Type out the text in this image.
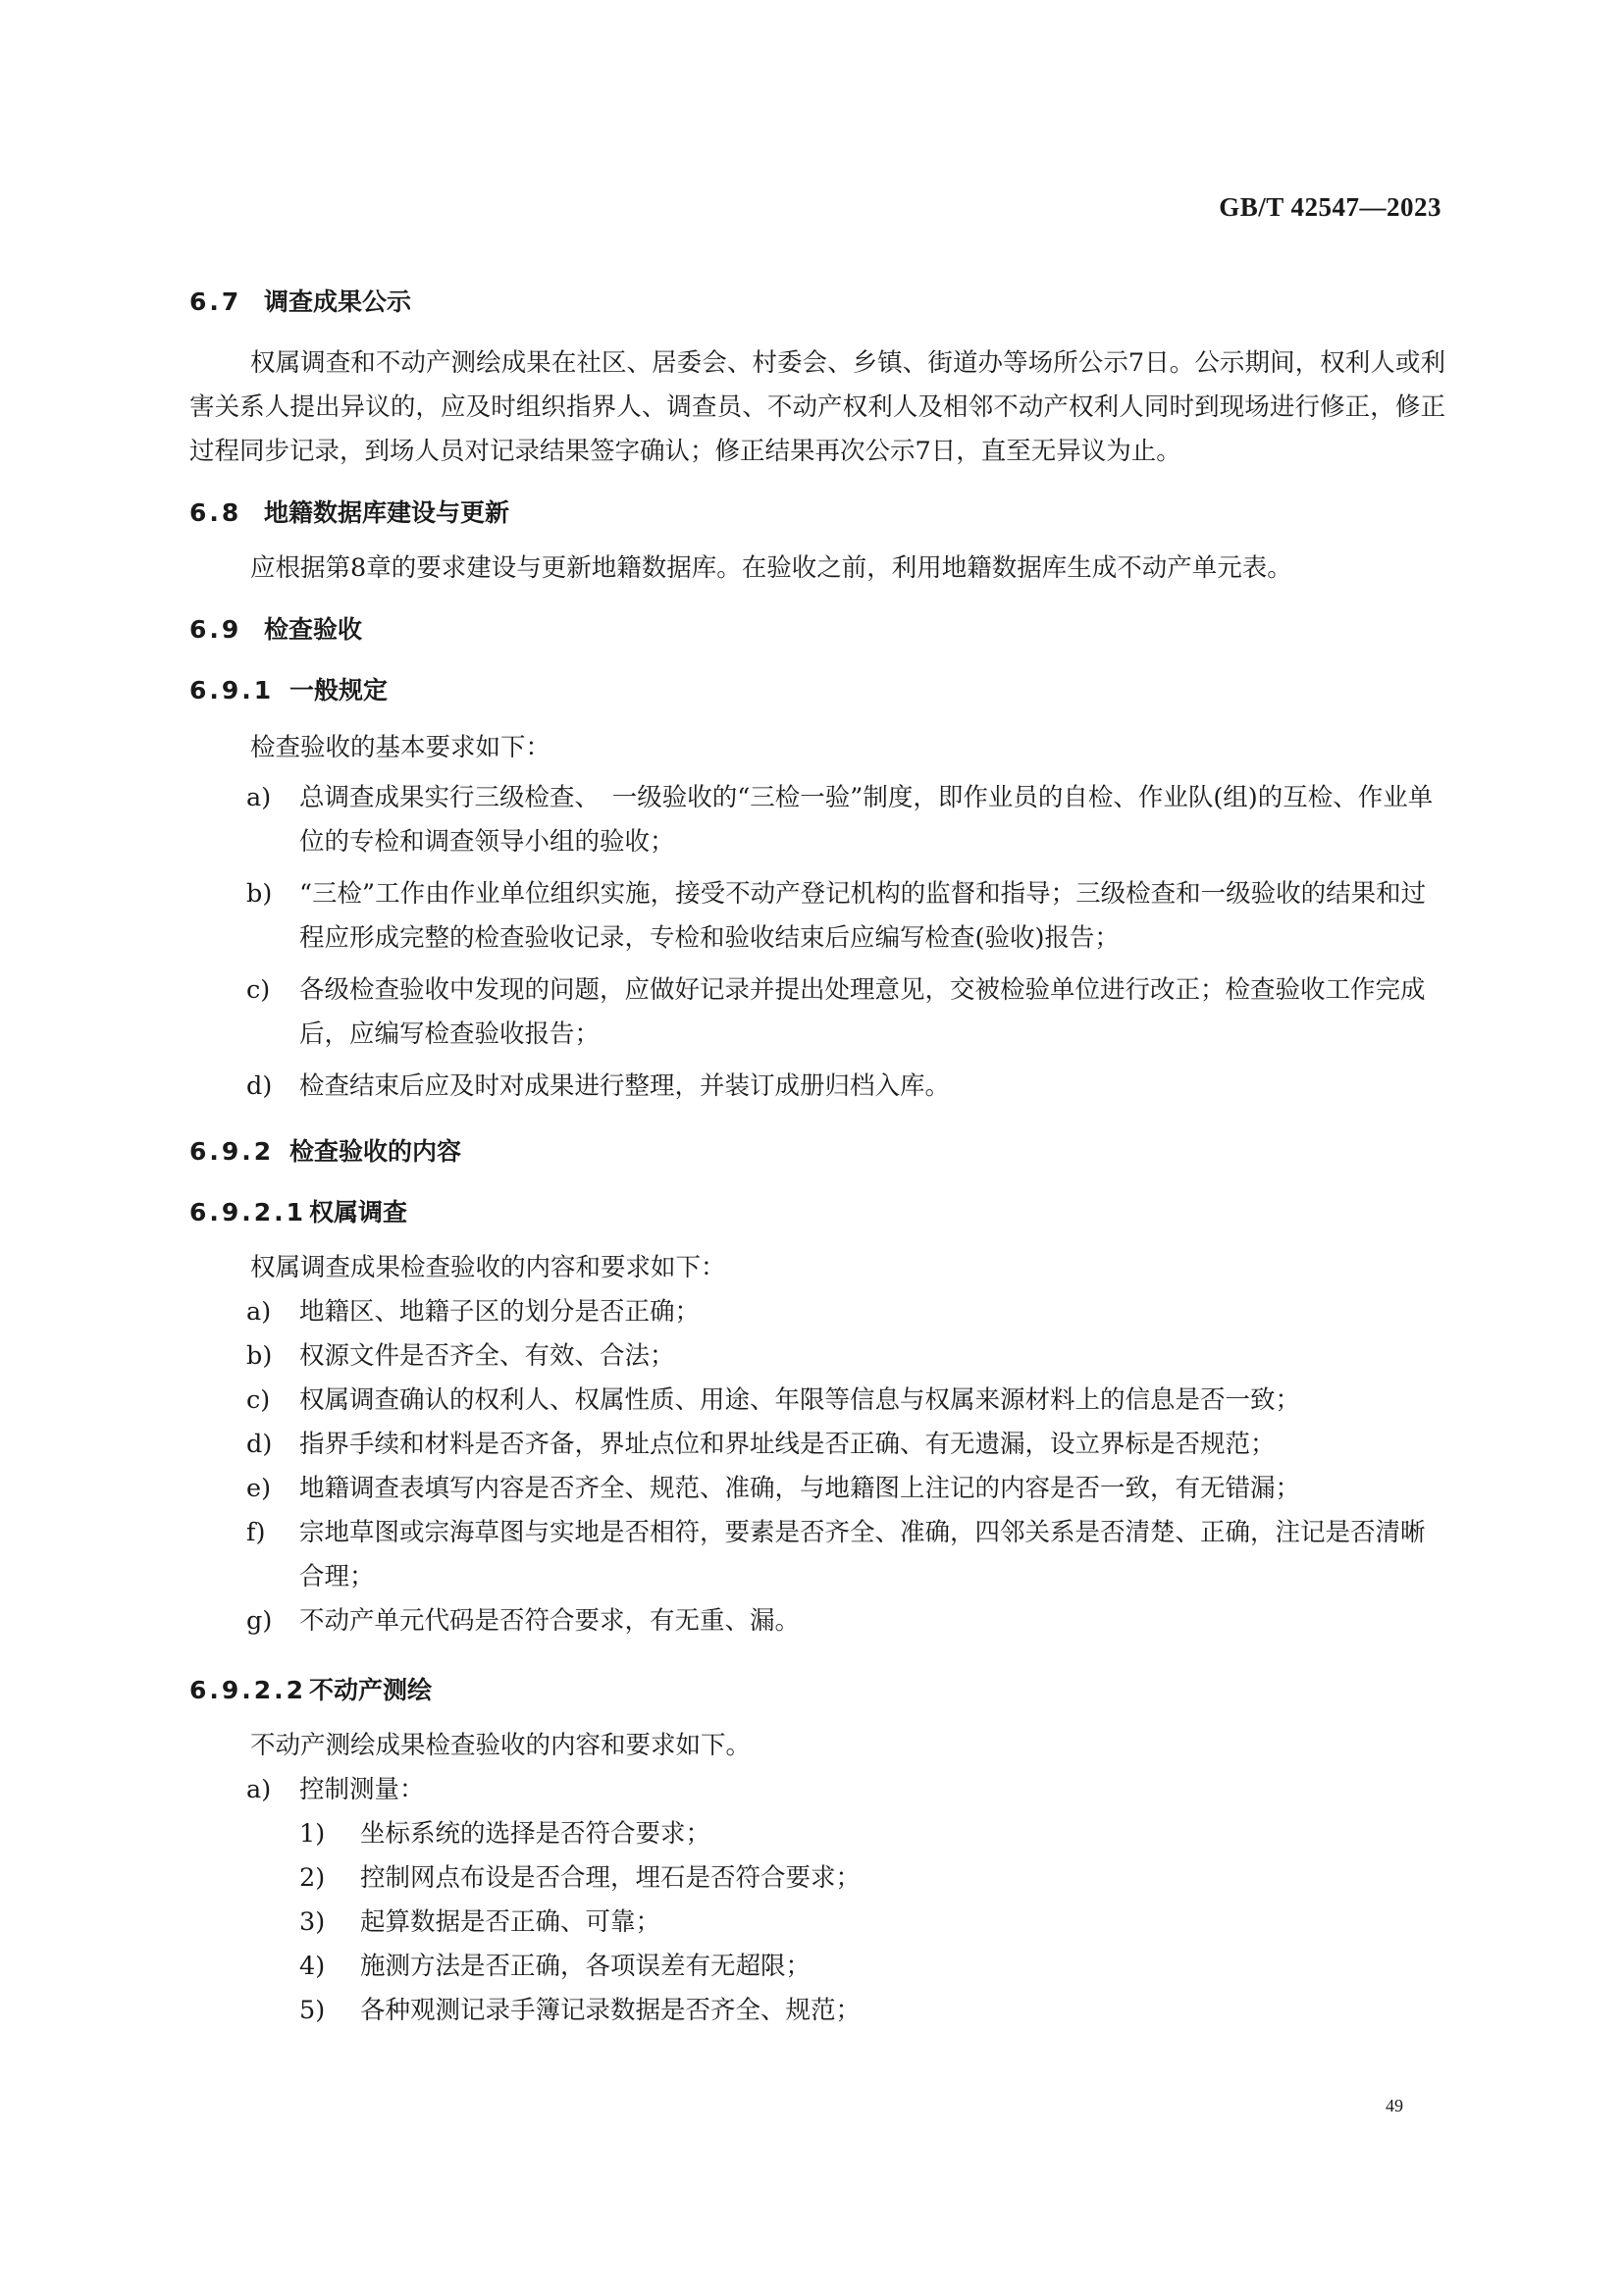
GB/T 42547—2023
6.7 调查成果公示

权属调查和不动产测绘成果在社区、居委会、村委会、乡镇、街道办等场所公示7日。公示期间，权利人或利害关系人提出异议的，应及时组织指界人、调查员、不动产权利人及相邻不动产权利人同时到现场进行修正，修正过程同步记录，到场人员对记录结果签字确认；修正结果再次公示7日，直至无异议为止。

6.8 地籍数据库建设与更新

应根据第8章的要求建设与更新地籍数据库。在验收之前，利用地籍数据库生成不动产单元表。

6.9 检查验收
6.9.1 一般规定

检查验收的基本要求如下：

a)	总调查成果实行三级检查、　一级验收的“三检一验”制度，即作业员的自检、作业队(组)的互检、作业单位的专检和调查领导小组的验收；
b)	“三检”工作由作业单位组织实施，接受不动产登记机构的监督和指导；三级检查和一级验收的结果和过程应形成完整的检查验收记录，专检和验收结束后应编写检查(验收)报告；
c)	各级检查验收中发现的问题，应做好记录并提出处理意见，交被检验单位进行改正；检查验收工作完成后，应编写检查验收报告；
d)	检查结束后应及时对成果进行整理，并装订成册归档入库。
6.9.2 检查验收的内容
6.9.2.1 权属调查

权属调查成果检查验收的内容和要求如下：

a)	地籍区、地籍子区的划分是否正确；
b)	权源文件是否齐全、有效、合法；
c)	权属调查确认的权利人、权属性质、用途、年限等信息与权属来源材料上的信息是否一致；
d)	指界手续和材料是否齐备，界址点位和界址线是否正确、有无遗漏，设立界标是否规范；
e)	地籍调查表填写内容是否齐全、规范、准确，与地籍图上注记的内容是否一致，有无错漏；
f)	宗地草图或宗海草图与实地是否相符，要素是否齐全、准确，四邻关系是否清楚、正确，注记是否清晰合理；
g)	不动产单元代码是否符合要求，有无重、漏。
6.9.2.2 不动产测绘

不动产测绘成果检查验收的内容和要求如下。

a)	控制测量：
1)	坐标系统的选择是否符合要求；
2)	控制网点布设是否合理，埋石是否符合要求；
3)	起算数据是否正确、可靠；
4)	施测方法是否正确，各项误差有无超限；
5)	各种观测记录手簿记录数据是否齐全、规范；
49
